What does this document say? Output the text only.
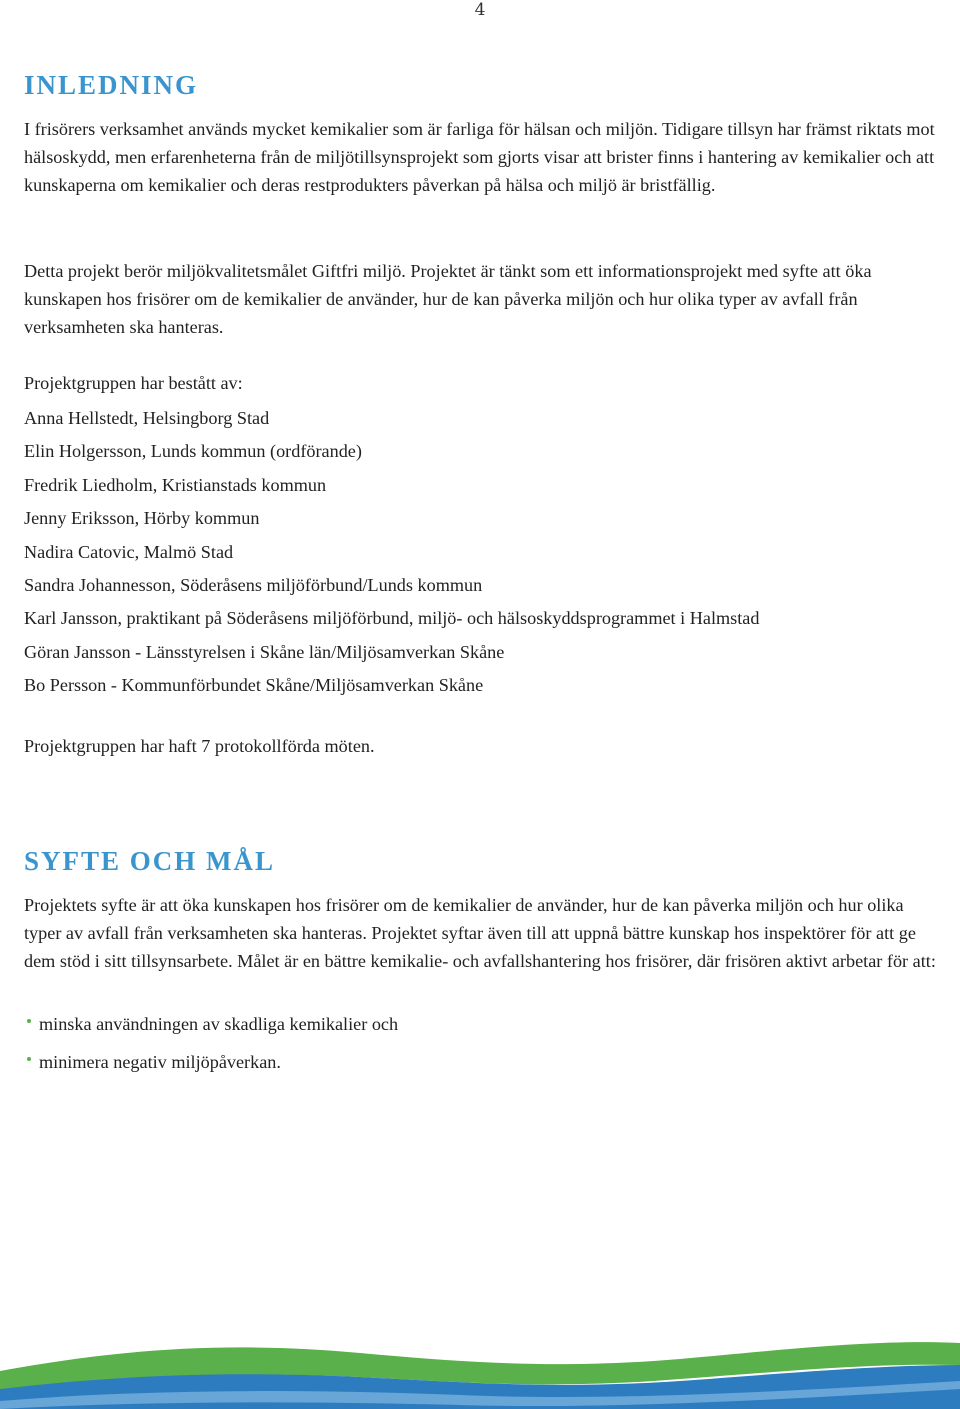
4
INLEDNING

I frisörers verksamhet används mycket kemikalier som är farliga för hälsan och miljön. Tidigare tillsyn har främst riktats mot hälsoskydd, men erfarenheterna från de miljötillsynsprojekt som gjorts visar att brister finns i hantering av kemikalier och att kunskaperna om kemikalier och deras restprodukters påverkan på hälsa och miljö är bristfällig.

Detta projekt berör miljökvalitetsmålet Giftfri miljö. Projektet är tänkt som ett informationsprojekt med syfte att öka kunskapen hos frisörer om de kemikalier de använder, hur de kan påverka miljön och hur olika typer av avfall från verksamheten ska hanteras.

Projektgruppen har bestått av:

Anna Hellstedt, Helsingborg Stad
Elin Holgersson, Lunds kommun (ordförande)
Fredrik Liedholm, Kristianstads kommun
Jenny Eriksson, Hörby kommun
Nadira Catovic, Malmö Stad
Sandra Johannesson, Söderåsens miljöförbund/Lunds kommun
Karl Jansson, praktikant på Söderåsens miljöförbund, miljö- och hälsoskyddsprogrammet i Halmstad
Göran Jansson - Länsstyrelsen i Skåne län/Miljösamverkan Skåne
Bo Persson - Kommunförbundet Skåne/Miljösamverkan Skåne

Projektgruppen har haft 7 protokollförda möten.

SYFTE OCH MÅL

Projektets syfte är att öka kunskapen hos frisörer om de kemikalier de använder, hur de kan påverka miljön och hur olika typer av avfall från verksamheten ska hanteras. Projektet syftar även till att uppnå bättre kunskap hos inspektörer för att ge dem stöd i sitt tillsynsarbete. Målet är en bättre kemikalie- och avfallshantering hos frisörer, där frisören aktivt arbetar för att:

minska användningen av skadliga kemikalier och
minimera negativ miljöpåverkan.
